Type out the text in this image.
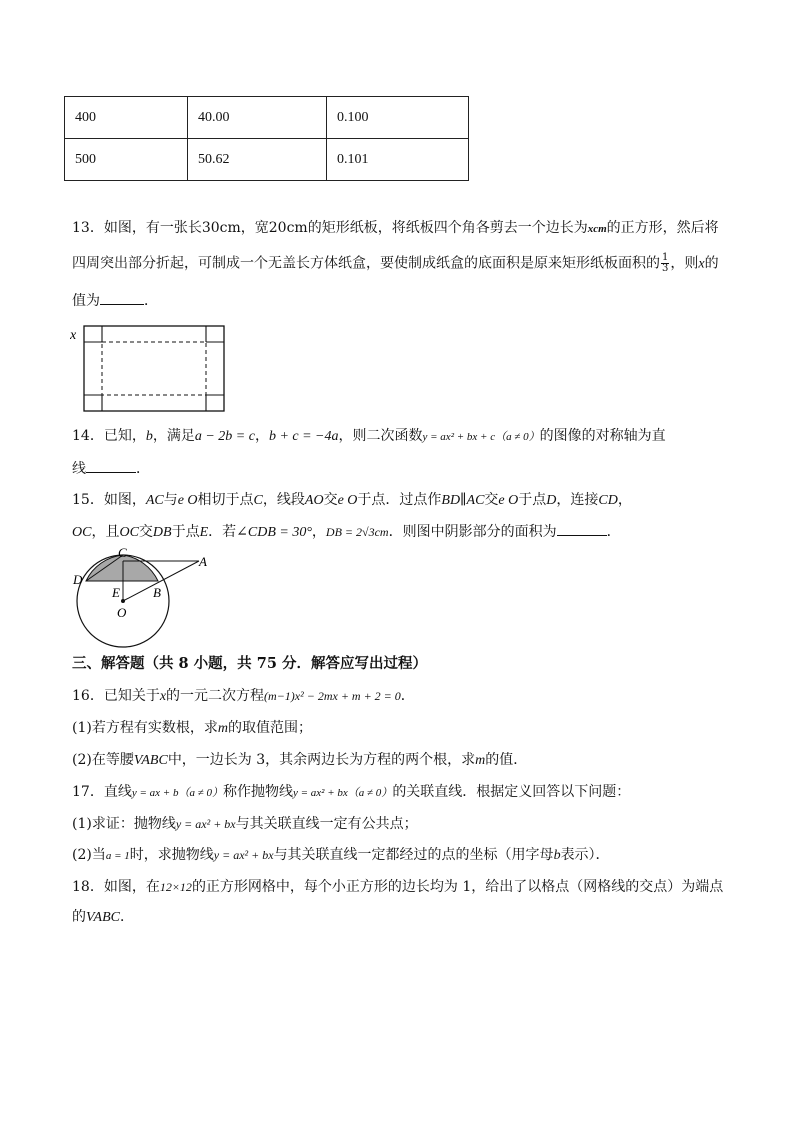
400	40.00	0.100
500	50.62	0.101
13．如图，有一张长30cm，宽20cm的矩形纸板，将纸板四个角各剪去一个边长为xcm的正方形，然后将
四周突出部分折起，可制成一个无盖长方体纸盒，要使制成纸盒的底面积是原来矩形纸板面积的 $\frac{1}{3}$ ，则x的
值为	．
x
14．已知，b，满足a − 2b = c，b + c = −4a，则二次函数y = ax² + bx + c（a ≠ 0）的图像的对称轴为直
线	．
15．如图，AC与e O相切于点C，线段AO交e O于点．过点作BD∥AC交e O于点D，连接CD，
OC，且OC交DB于点E．若∠CDB = 30°，DB = 2√3cm．则图中阴影部分的面积为	．
C
A
D
E	B
O
三、解答题（共 8 小题，共 75 分．解答应写出过程）
16．已知关于x的一元二次方程(m−1)x² − 2mx + m + 2 = 0．
(1)若方程有实数根，求m的取值范围；
(2)在等腰VABC中，一边长为 3，其余两边长为方程的两个根，求m的值．
17．直线y = ax + b（a ≠ 0）称作抛物线y = ax² + bx（a ≠ 0）的关联直线．根据定义回答以下问题：
(1)求证：抛物线y = ax² + bx与其关联直线一定有公共点；
(2)当a = 1时，求抛物线y = ax² + bx与其关联直线一定都经过的点的坐标（用字母b表示）．
18．如图，在12×12的正方形网格中，每个小正方形的边长均为 1，给出了以格点（网格线的交点）为端点
的VABC．
